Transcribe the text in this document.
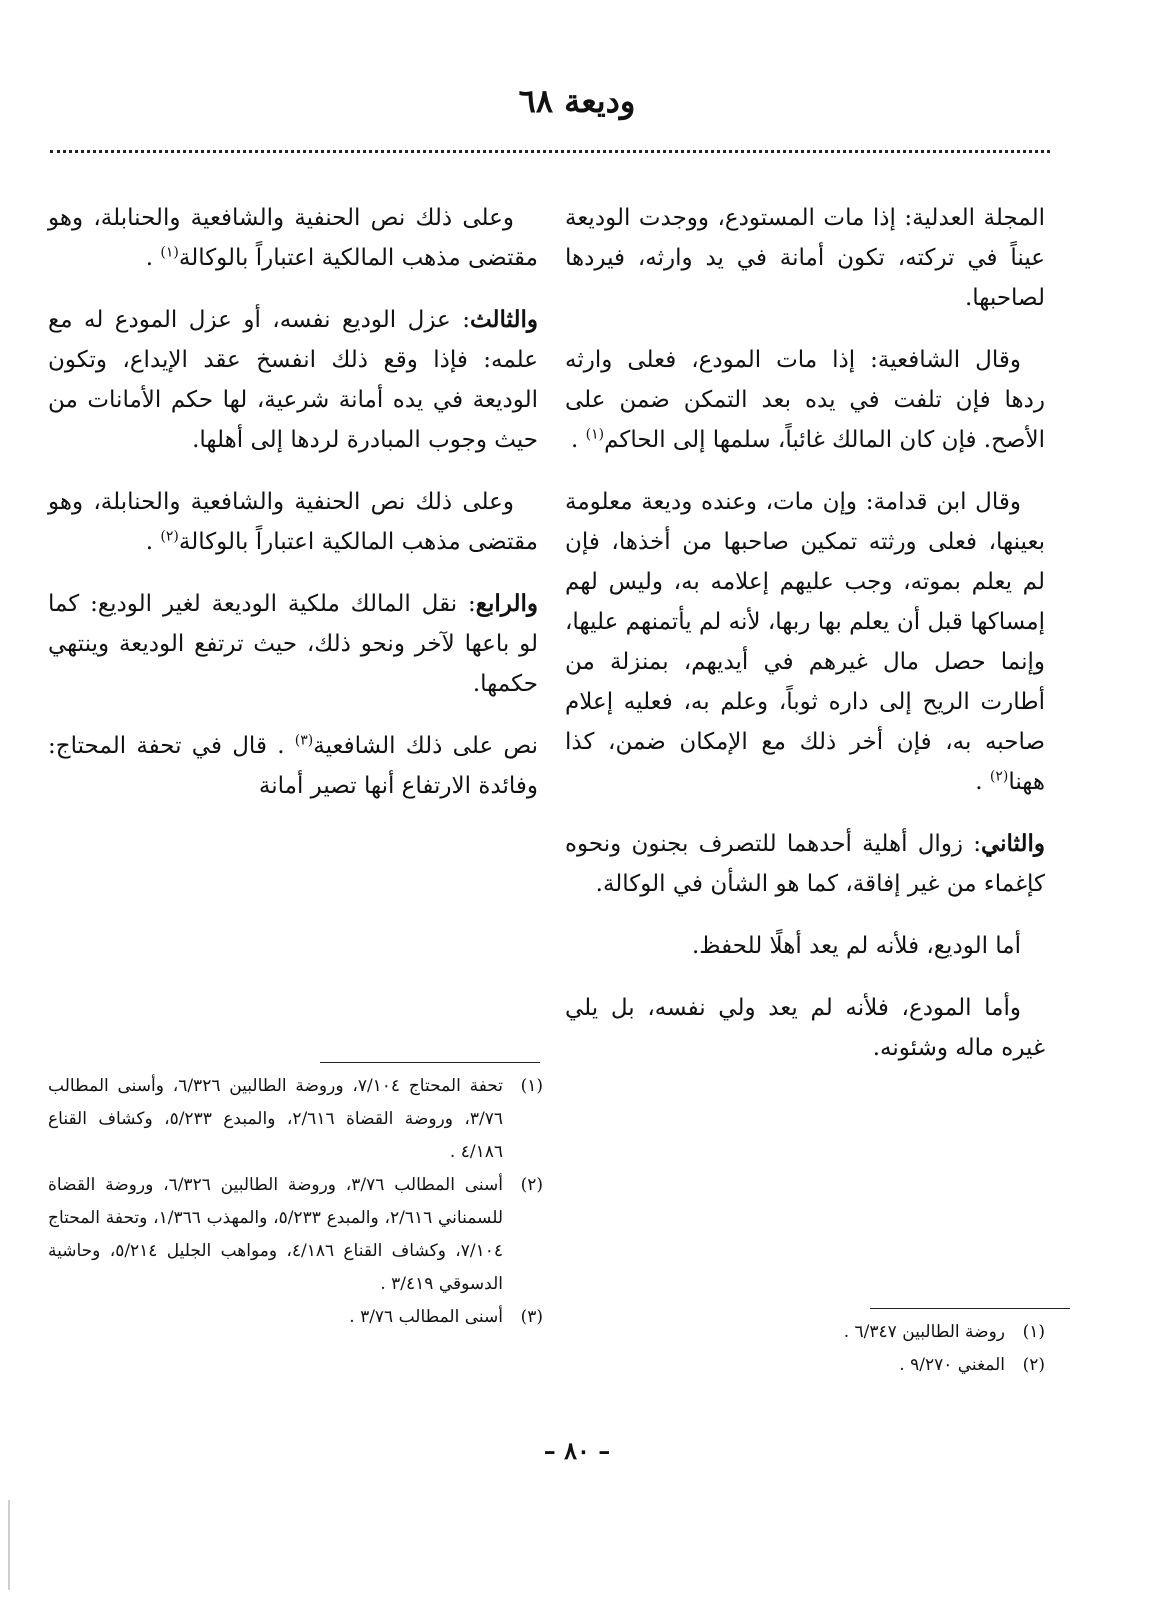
وديعة ٦٨

المجلة العدلية: إذا مات المستودع، ووجدت الوديعة عيناً في تركته، تكون أمانة في يد وارثه، فيردها لصاحبها.

وقال الشافعية: إذا مات المودع، فعلى وارثه ردها فإن تلفت في يده بعد التمكن ضمن على الأصح. فإن كان المالك غائباً، سلمها إلى الحاكم$^{(١)}$ .

وقال ابن قدامة: وإن مات، وعنده وديعة معلومة بعينها، فعلى ورثته تمكين صاحبها من أخذها، فإن لم يعلم بموته، وجب عليهم إعلامه به، وليس لهم إمساكها قبل أن يعلم بها ربها، لأنه لم يأتمنهم عليها، وإنما حصل مال غيرهم في أيديهم، بمنزلة من أطارت الريح إلى داره ثوباً، وعلم به، فعليه إعلام صاحبه به، فإن أخر ذلك مع الإمكان ضمن، كذا ههنا$^{(٢)}$ .

والثاني: زوال أهلية أحدهما للتصرف بجنون ونحوه كإغماء من غير إفاقة، كما هو الشأن في الوكالة.

أما الوديع، فلأنه لم يعد أهلًا للحفظ.

وأما المودع، فلأنه لم يعد ولي نفسه، بل يلي غيره ماله وشئونه.

وعلى ذلك نص الحنفية والشافعية والحنابلة، وهو مقتضى مذهب المالكية اعتباراً بالوكالة$^{(١)}$ .

والثالث: عزل الوديع نفسه، أو عزل المودع له مع علمه: فإذا وقع ذلك انفسخ عقد الإيداع، وتكون الوديعة في يده أمانة شرعية، لها حكم الأمانات من حيث وجوب المبادرة لردها إلى أهلها.

وعلى ذلك نص الحنفية والشافعية والحنابلة، وهو مقتضى مذهب المالكية اعتباراً بالوكالة$^{(٢)}$ .

والرابع: نقل المالك ملكية الوديعة لغير الوديع: كما لو باعها لآخر ونحو ذلك، حيث ترتفع الوديعة وينتهي حكمها.

نص على ذلك الشافعية$^{(٣)}$ . قال في تحفة المحتاج: وفائدة الارتفاع أنها تصير أمانة

(١)
تحفة المحتاج ٧/١٠٤، وروضة الطالبين ٦/٣٢٦، وأسنى المطالب ٣/٧٦، وروضة القضاة ٢/٦١٦، والمبدع ٥/٢٣٣، وكشاف القناع ٤/١٨٦ .
(٢)
أسنى المطالب ٣/٧٦، وروضة الطالبين ٦/٣٢٦، وروضة القضاة للسمناني ٢/٦١٦، والمبدع ٥/٢٣٣، والمهذب ١/٣٦٦، وتحفة المحتاج ٧/١٠٤، وكشاف القناع ٤/١٨٦، ومواهب الجليل ٥/٢١٤، وحاشية الدسوقي ٣/٤١٩ .
(٣)
أسنى المطالب ٣/٧٦ .
(١)
روضة الطالبين ٦/٣٤٧ .
(٢)
المغني ٩/٢٧٠ .
– ٨٠ –
